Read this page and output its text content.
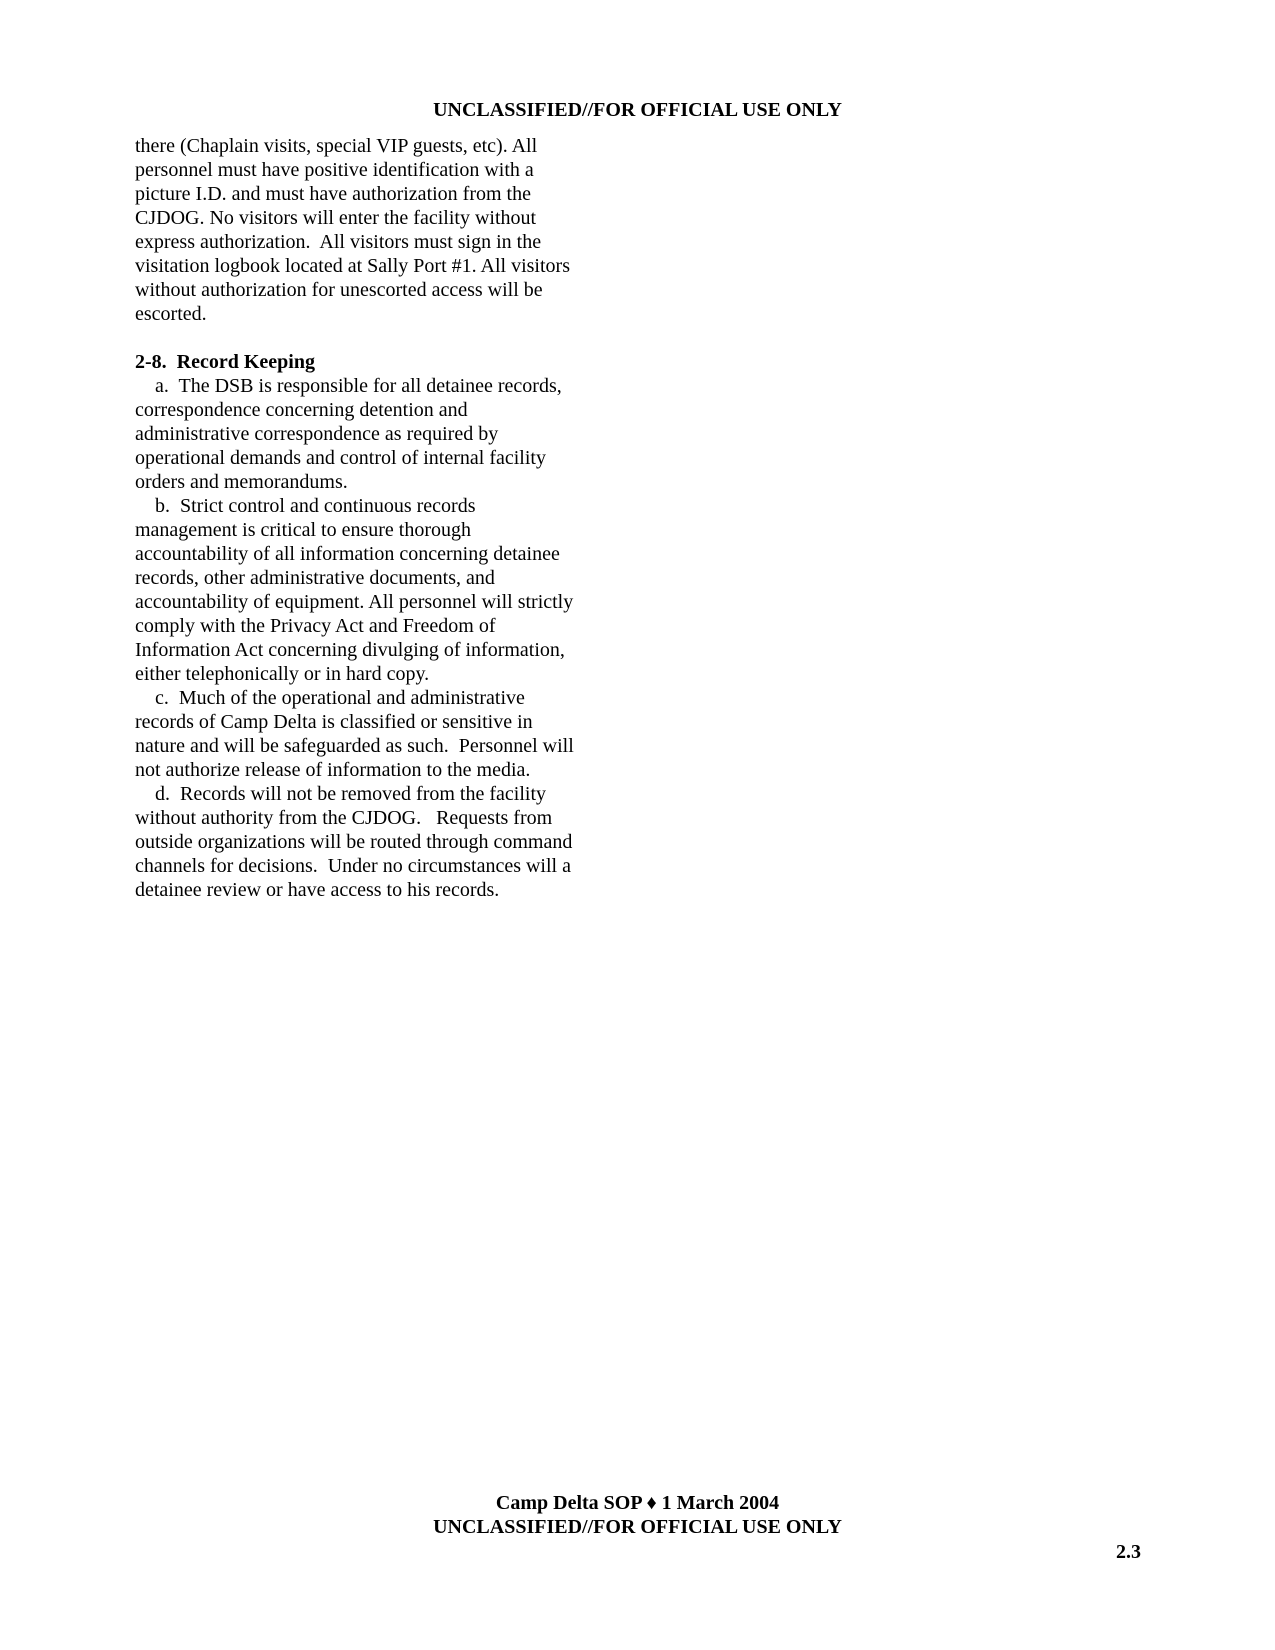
UNCLASSIFIED//FOR OFFICIAL USE ONLY
there (Chaplain visits, special VIP guests, etc). All
personnel must have positive identification with a
picture I.D. and must have authorization from the
CJDOG. No visitors will enter the facility without
express authorization.  All visitors must sign in the
visitation logbook located at Sally Port #1. All visitors
without authorization for unescorted access will be
escorted.
2-8.  Record Keeping
a.  The DSB is responsible for all detainee records,
correspondence concerning detention and
administrative correspondence as required by
operational demands and control of internal facility
orders and memorandums.
b.  Strict control and continuous records
management is critical to ensure thorough
accountability of all information concerning detainee
records, other administrative documents, and
accountability of equipment. All personnel will strictly
comply with the Privacy Act and Freedom of
Information Act concerning divulging of information,
either telephonically or in hard copy.
c.  Much of the operational and administrative
records of Camp Delta is classified or sensitive in
nature and will be safeguarded as such.  Personnel will
not authorize release of information to the media.
d.  Records will not be removed from the facility
without authority from the CJDOG.   Requests from
outside organizations will be routed through command
channels for decisions.  Under no circumstances will a
detainee review or have access to his records.
Camp Delta SOP ♦ 1 March 2004
UNCLASSIFIED//FOR OFFICIAL USE ONLY
2.3
